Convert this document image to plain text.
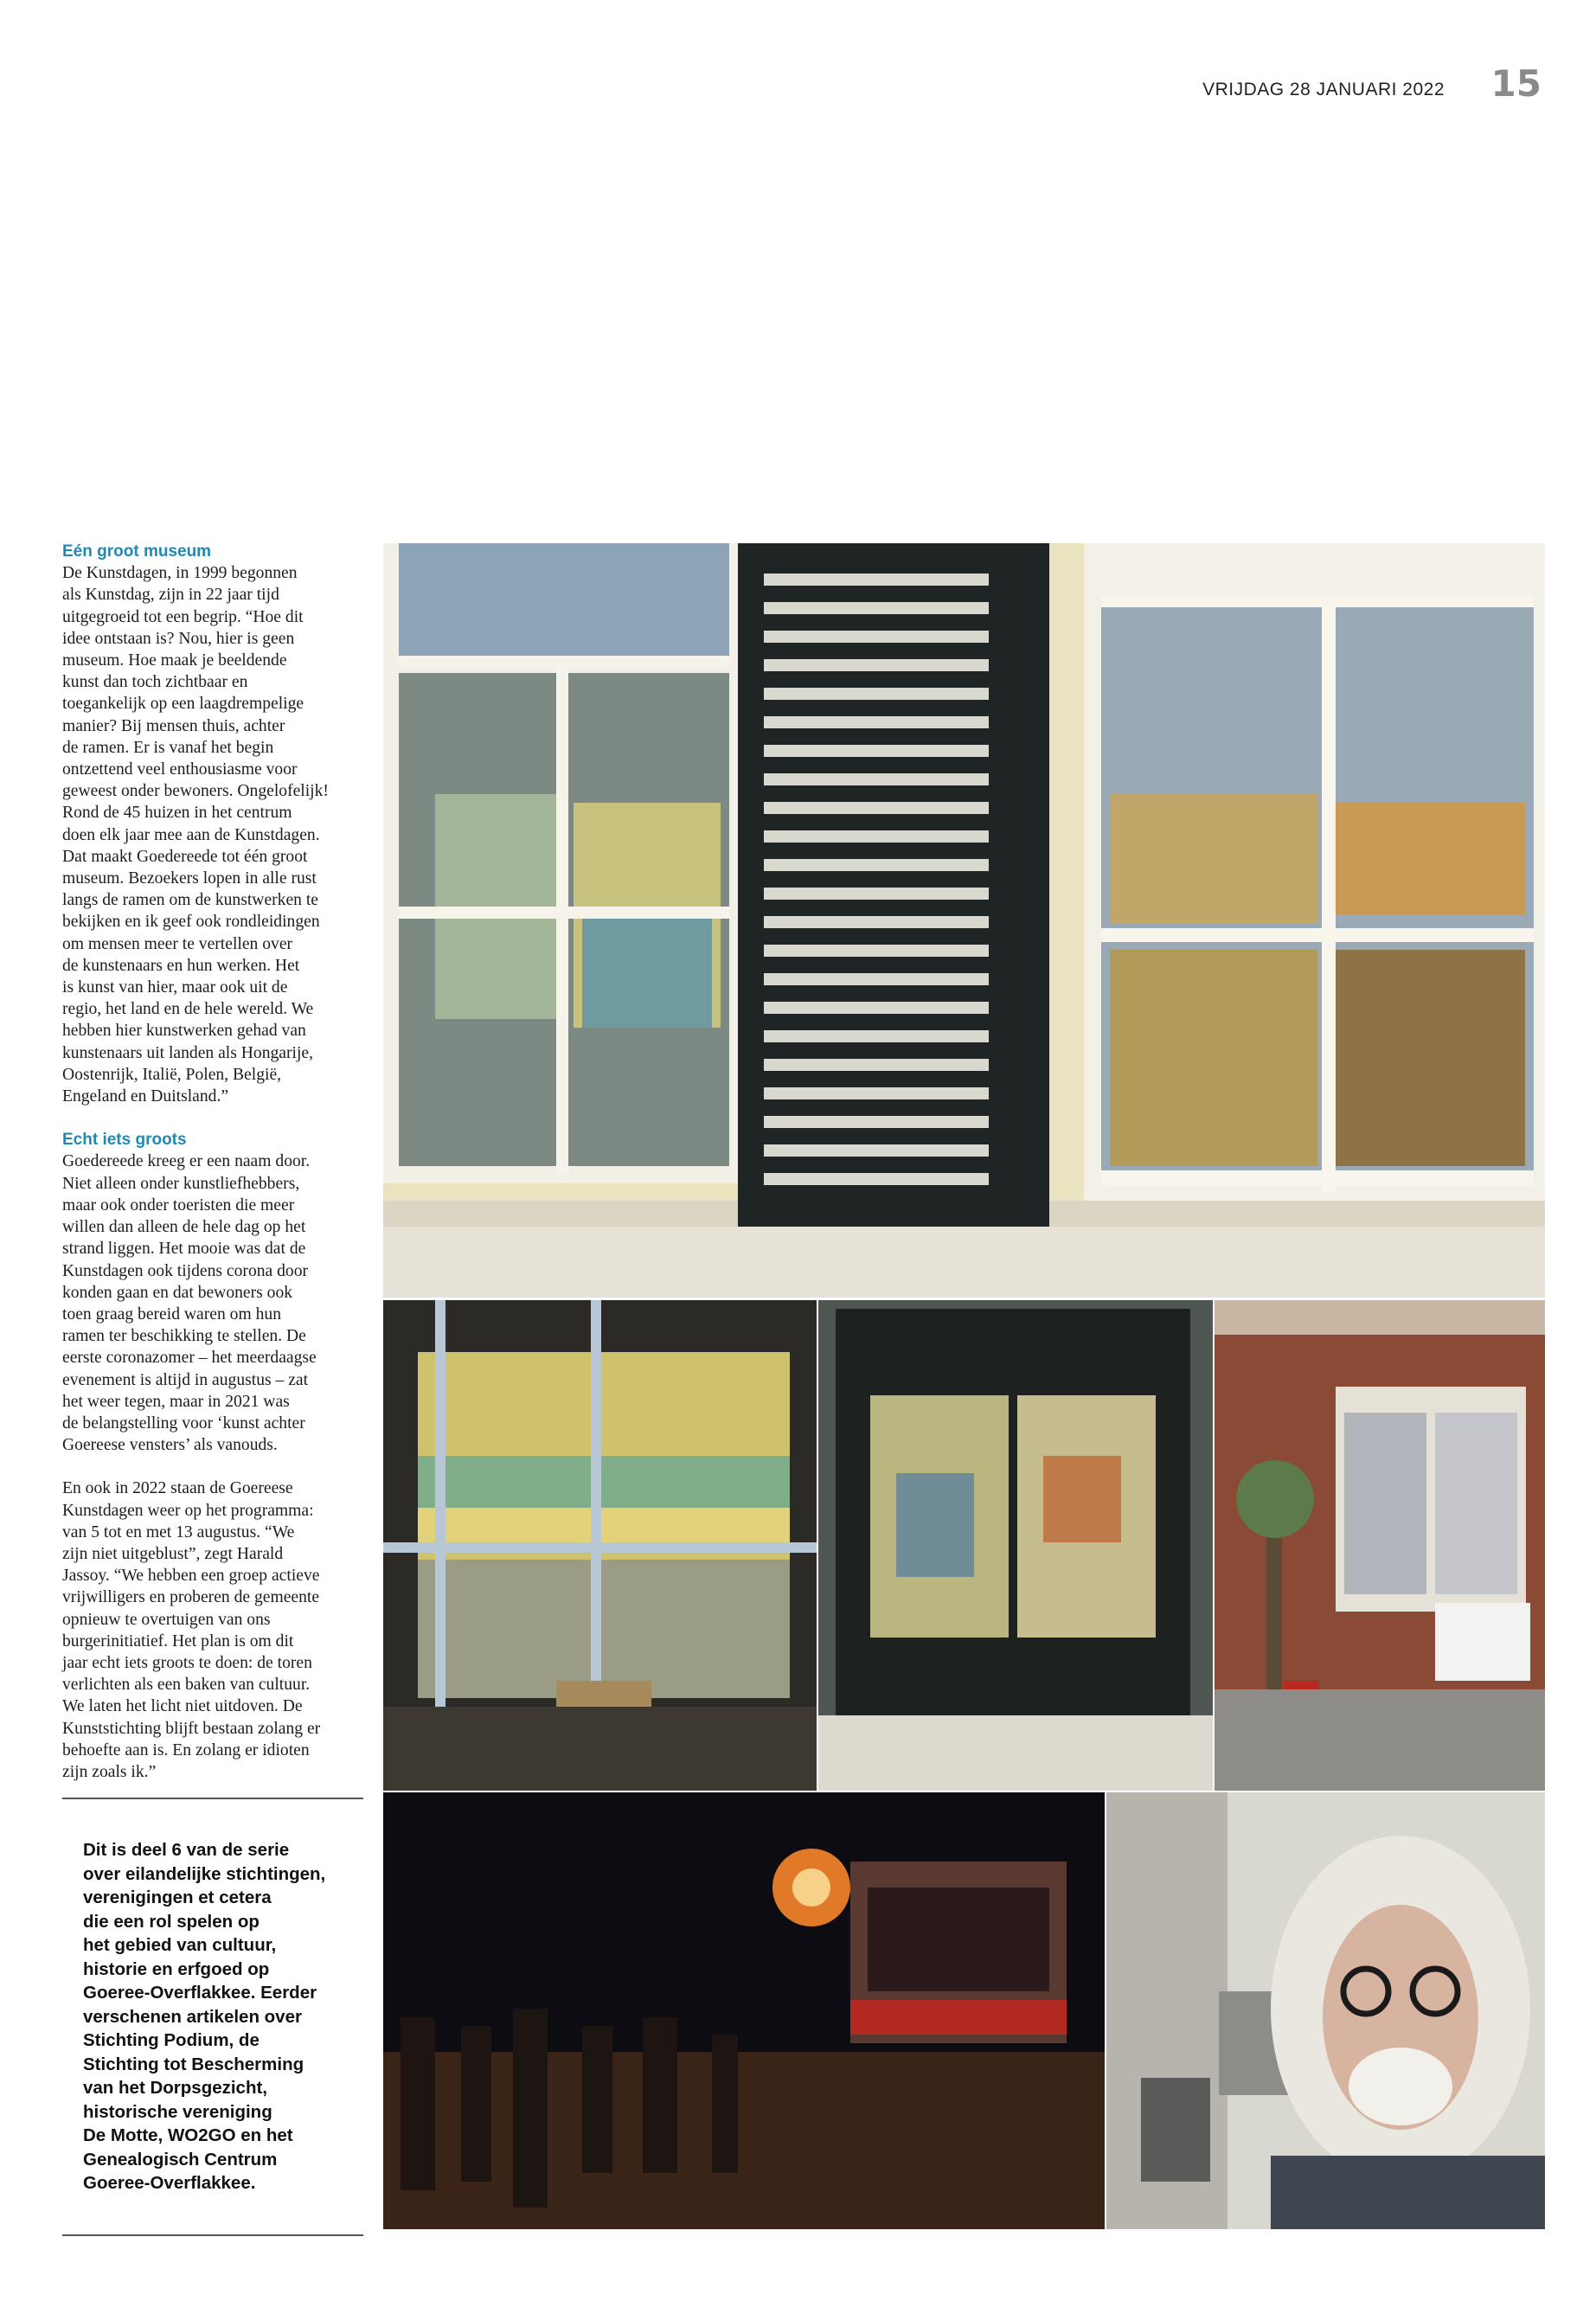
VRIJDAG 28 JANUARI 2022 15
Eén groot museum
De Kunstdagen, in 1999 begonnen
als Kunstdag, zijn in 22 jaar tijd
uitgegroeid tot een begrip. “Hoe dit
idee ontstaan is? Nou, hier is geen
museum. Hoe maak je beeldende
kunst dan toch zichtbaar en
toegankelijk op een laagdrempelige
manier? Bij mensen thuis, achter
de ramen. Er is vanaf het begin
ontzettend veel enthousiasme voor
geweest onder bewoners. Ongelofelijk!
Rond de 45 huizen in het centrum
doen elk jaar mee aan de Kunstdagen.
Dat maakt Goedereede tot één groot
museum. Bezoekers lopen in alle rust
langs de ramen om de kunstwerken te
bekijken en ik geef ook rondleidingen
om mensen meer te vertellen over
de kunstenaars en hun werken. Het
is kunst van hier, maar ook uit de
regio, het land en de hele wereld. We
hebben hier kunstwerken gehad van
kunstenaars uit landen als Hongarije,
Oostenrijk, Italië, Polen, België,
Engeland en Duitsland.”
Echt iets groots
Goedereede kreeg er een naam door.
Niet alleen onder kunstliefhebbers,
maar ook onder toeristen die meer
willen dan alleen de hele dag op het
strand liggen. Het mooie was dat de
Kunstdagen ook tijdens corona door
konden gaan en dat bewoners ook
toen graag bereid waren om hun
ramen ter beschikking te stellen. De
eerste coronazomer – het meerdaagse
evenement is altijd in augustus – zat
het weer tegen, maar in 2021 was
de belangstelling voor ‘kunst achter
Goereese vensters’ als vanouds.
En ook in 2022 staan de Goereese
Kunstdagen weer op het programma:
van 5 tot en met 13 augustus. “We
zijn niet uitgeblust”, zegt Harald
Jassoy. “We hebben een groep actieve
vrijwilligers en proberen de gemeente
opnieuw te overtuigen van ons
burgerinitiatief. Het plan is om dit
jaar echt iets groots te doen: de toren
verlichten als een baken van cultuur.
We laten het licht niet uitdoven. De
Kunststichting blijft bestaan zolang er
behoefte aan is. En zolang er idioten
zijn zoals ik.”
Dit is deel 6 van de serie
over eilandelijke stichtingen,
verenigingen et cetera
die een rol spelen op
het gebied van cultuur,
historie en erfgoed op
Goeree-Overflakkee. Eerder
verschenen artikelen over
Stichting Podium, de
Stichting tot Bescherming
van het Dorpsgezicht,
historische vereniging
De Motte, WO2GO en het
Genealogisch Centrum
Goeree-Overflakkee.
